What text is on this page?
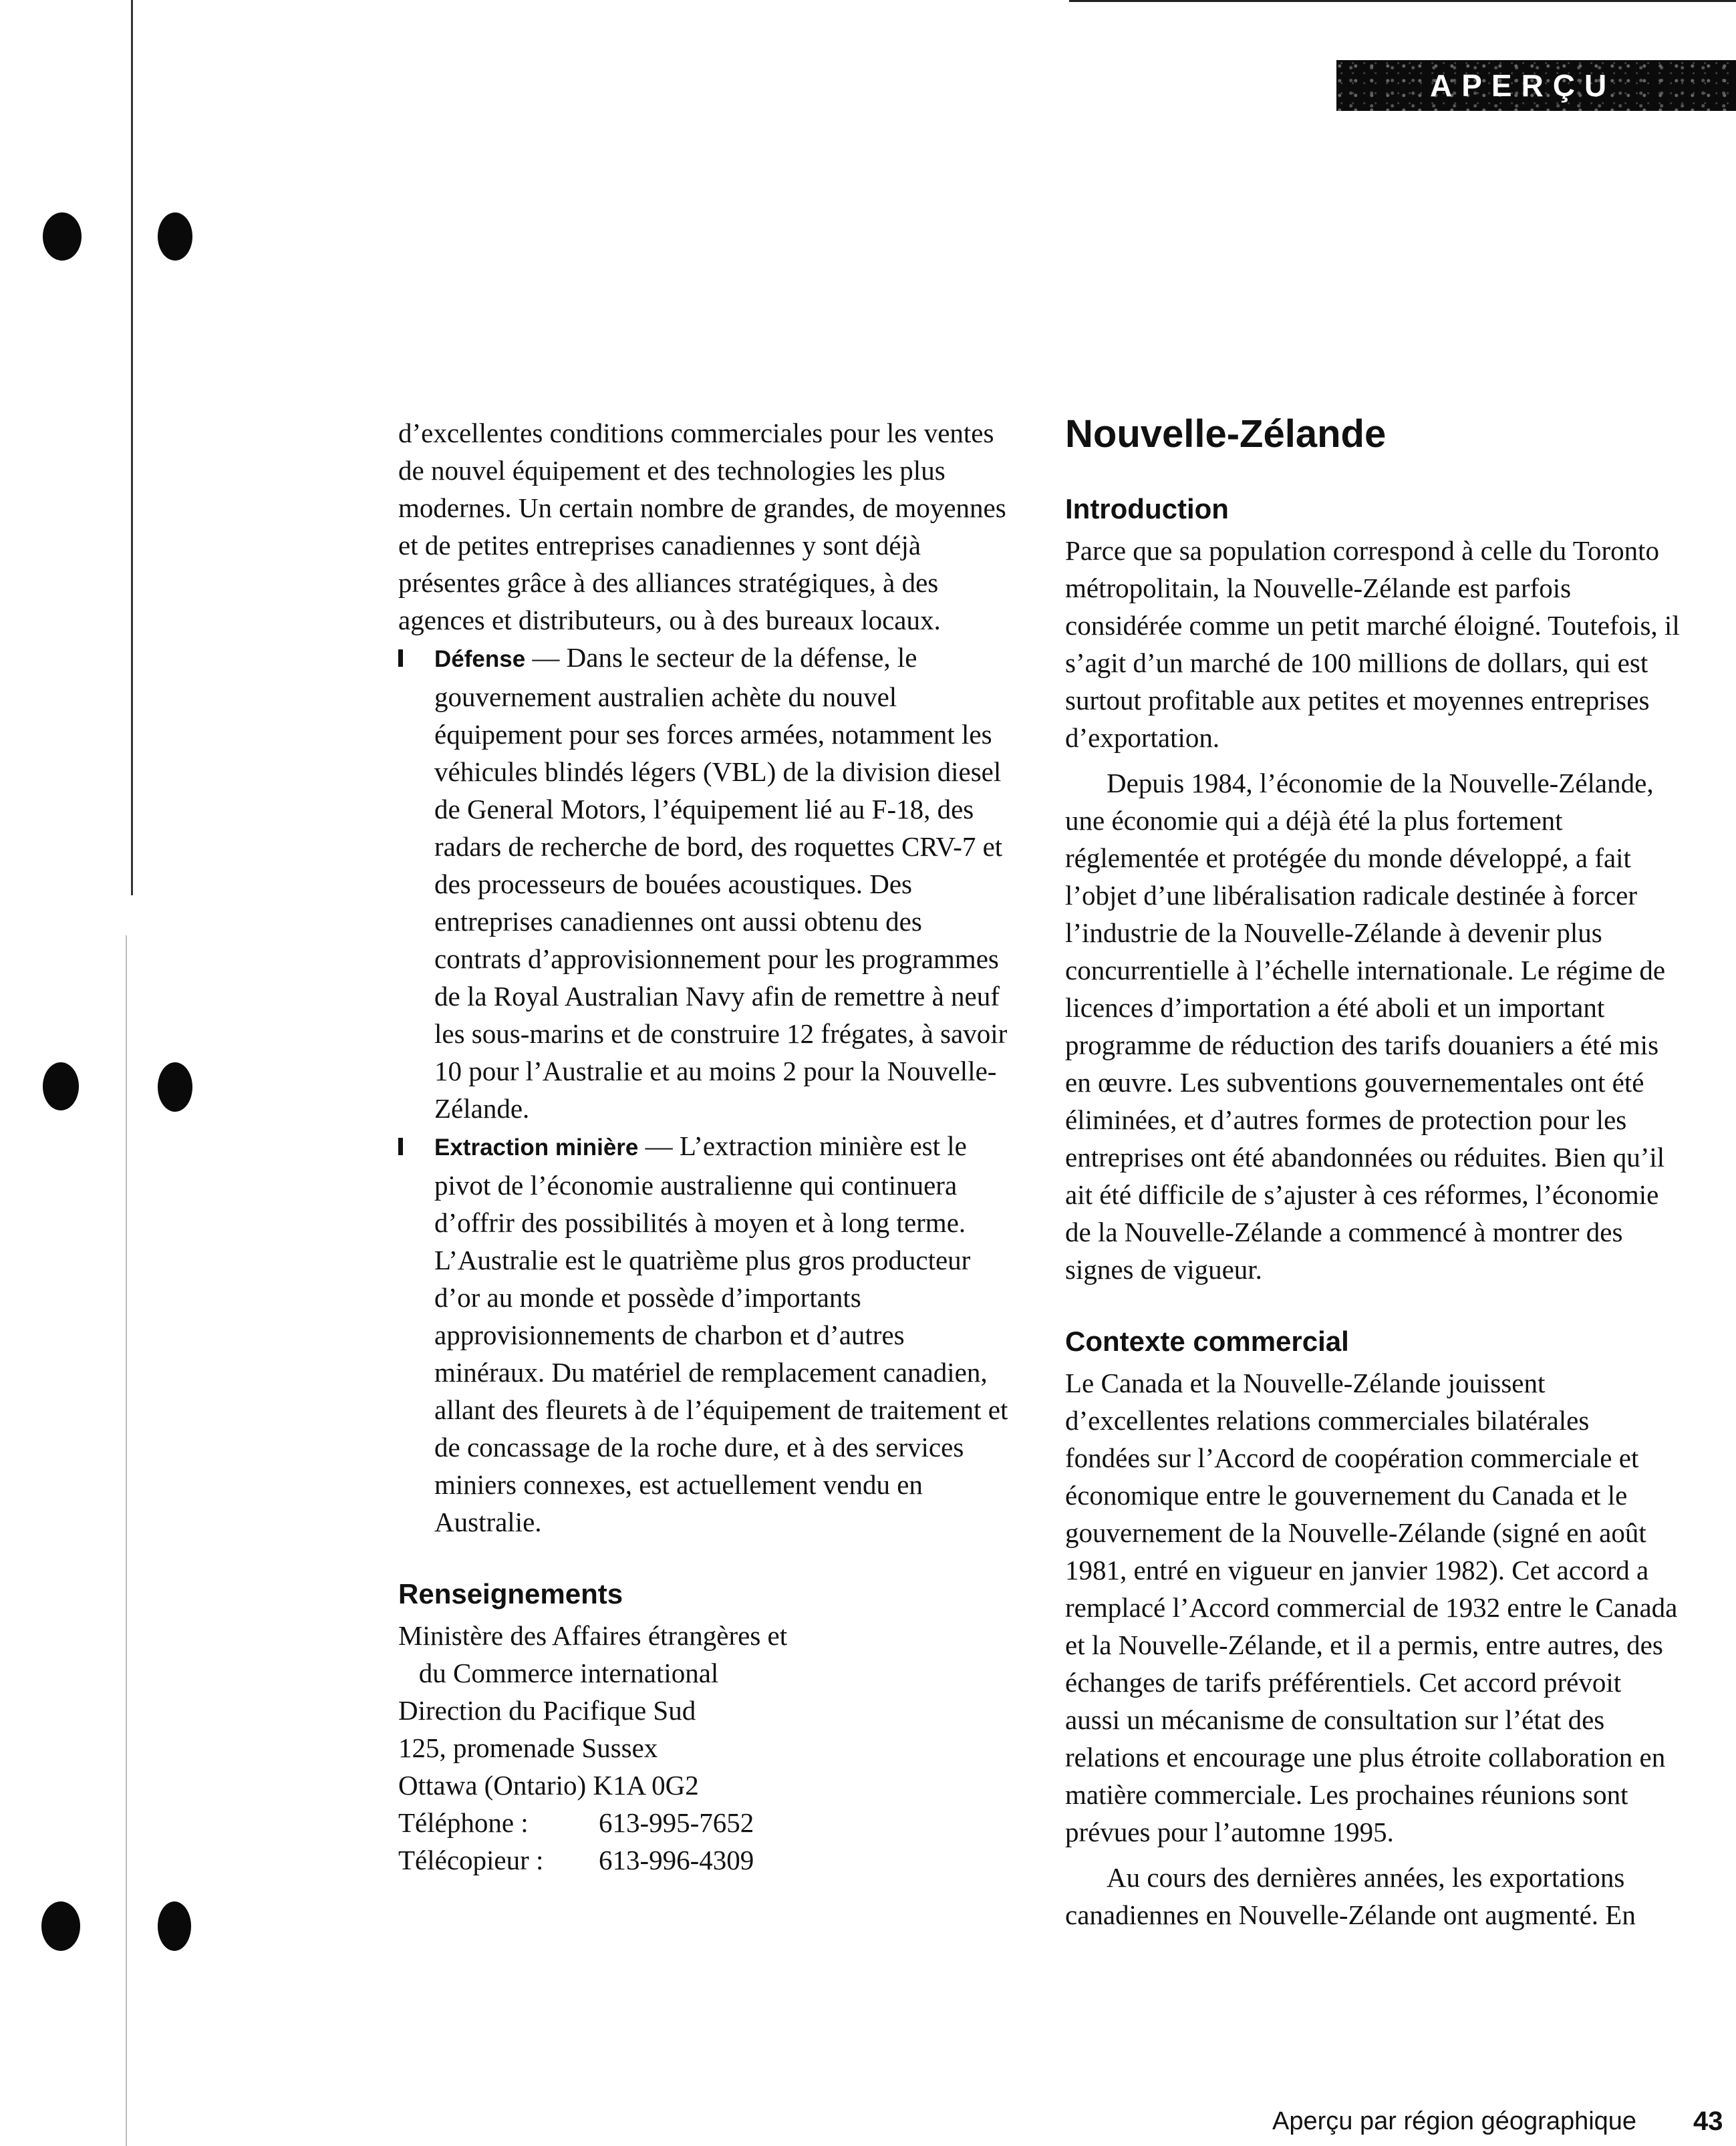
APERÇU

d’excellentes conditions commerciales pour les ventes de nouvel équipement et des technologies les plus modernes. Un certain nombre de grandes, de moyennes et de petites entreprises canadiennes y sont déjà présentes grâce à des alliances stratégiques, à des agences et distributeurs, ou à des bureaux locaux.

Défense — Dans le secteur de la défense, le gouvernement australien achète du nouvel équipement pour ses forces armées, notamment les véhicules blindés légers (VBL) de la division diesel de General Motors, l’équipement lié au F-18, des radars de recherche de bord, des roquettes CRV-7 et des processeurs de bouées acoustiques. Des entreprises canadiennes ont aussi obtenu des contrats d’approvisionnement pour les programmes de la Royal Australian Navy afin de remettre à neuf les sous-marins et de construire 12 frégates, à savoir 10 pour l’Australie et au moins 2 pour la Nouvelle-Zélande.

Extraction minière — L’extraction minière est le pivot de l’économie australienne qui continuera d’offrir des possibilités à moyen et à long terme. L’Australie est le quatrième plus gros producteur d’or au monde et possède d’importants approvisionnements de charbon et d’autres minéraux. Du matériel de remplacement canadien, allant des fleurets à de l’équipement de traitement et de concassage de la roche dure, et à des services miniers connexes, est actuellement vendu en Australie.

Renseignements
Ministère des Affaires étrangères et
du Commerce international
Direction du Pacifique Sud
125, promenade Sussex
Ottawa (Ontario) K1A 0G2
Téléphone :	613-995-7652
Télécopieur :	613-996-4309
Nouvelle-Zélande
Introduction

Parce que sa population correspond à celle du Toronto métropolitain, la Nouvelle-Zélande est parfois considérée comme un petit marché éloigné. Toutefois, il s’agit d’un marché de 100 millions de dollars, qui est surtout profitable aux petites et moyennes entreprises d’exportation.

Depuis 1984, l’économie de la Nouvelle-Zélande, une économie qui a déjà été la plus fortement réglementée et protégée du monde développé, a fait l’objet d’une libéralisation radicale destinée à forcer l’industrie de la Nouvelle-Zélande à devenir plus concurrentielle à l’échelle internationale. Le régime de licences d’importation a été aboli et un important programme de réduction des tarifs douaniers a été mis en œuvre. Les subventions gouvernementales ont été éliminées, et d’autres formes de protection pour les entreprises ont été abandonnées ou réduites. Bien qu’il ait été difficile de s’ajuster à ces réformes, l’économie de la Nouvelle-Zélande a commencé à montrer des signes de vigueur.

Contexte commercial

Le Canada et la Nouvelle-Zélande jouissent d’excellentes relations commerciales bilatérales fondées sur l’Accord de coopération commerciale et économique entre le gouvernement du Canada et le gouvernement de la Nouvelle-Zélande (signé en août 1981, entré en vigueur en janvier 1982). Cet accord a remplacé l’Accord commercial de 1932 entre le Canada et la Nouvelle-Zélande, et il a permis, entre autres, des échanges de tarifs préférentiels. Cet accord prévoit aussi un mécanisme de consultation sur l’état des relations et encourage une plus étroite collaboration en matière commerciale. Les prochaines réunions sont prévues pour l’automne 1995.

Au cours des dernières années, les exportations canadiennes en Nouvelle-Zélande ont augmenté. En

Aperçu par région géographique 43
